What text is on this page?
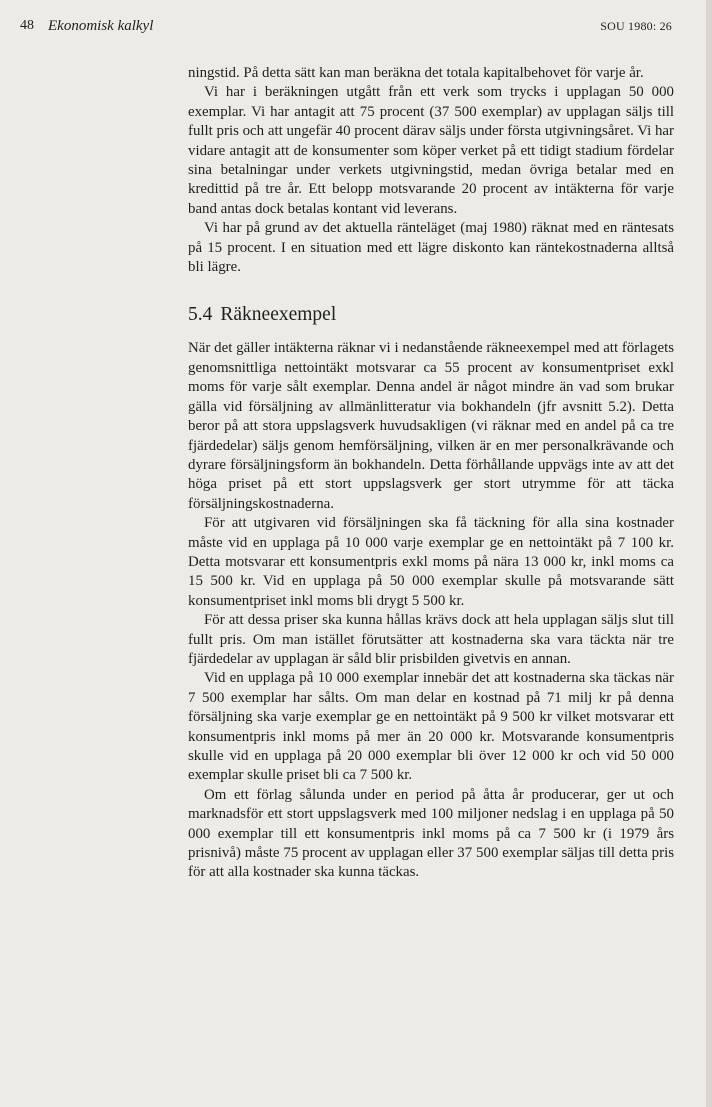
48 Ekonomisk kalkyl	SOU 1980: 26

ningstid. På detta sätt kan man beräkna det totala kapitalbehovet för varje år.

Vi har i beräkningen utgått från ett verk som trycks i upplagan 50 000 exemplar. Vi har antagit att 75 procent (37 500 exemplar) av upplagan säljs till fullt pris och att ungefär 40 procent därav säljs under första utgivningsåret. Vi har vidare antagit att de konsumenter som köper verket på ett tidigt stadium fördelar sina betalningar under verkets utgivningstid, medan övriga betalar med en kredittid på tre år. Ett belopp motsvarande 20 procent av intäkterna för varje band antas dock betalas kontant vid leverans.

Vi har på grund av det aktuella ränteläget (maj 1980) räknat med en räntesats på 15 procent. I en situation med ett lägre diskonto kan räntekostnaderna alltså bli lägre.

5.4 Räkneexempel

När det gäller intäkterna räknar vi i nedanstående räkneexempel med att förlagets genomsnittliga nettointäkt motsvarar ca 55 procent av konsumentpriset exkl moms för varje sålt exemplar. Denna andel är något mindre än vad som brukar gälla vid försäljning av allmänlitteratur via bokhandeln (jfr avsnitt 5.2). Detta beror på att stora uppslagsverk huvudsakligen (vi räknar med en andel på ca tre fjärdedelar) säljs genom hemförsäljning, vilken är en mer personalkrävande och dyrare försäljningsform än bokhandeln. Detta förhållande uppvägs inte av att det höga priset på ett stort uppslagsverk ger stort utrymme för att täcka försäljningskostnaderna.

För att utgivaren vid försäljningen ska få täckning för alla sina kostnader måste vid en upplaga på 10 000 varje exemplar ge en nettointäkt på 7 100 kr. Detta motsvarar ett konsumentpris exkl moms på nära 13 000 kr, inkl moms ca 15 500 kr. Vid en upplaga på 50 000 exemplar skulle på motsvarande sätt konsumentpriset inkl moms bli drygt 5 500 kr.

För att dessa priser ska kunna hållas krävs dock att hela upplagan säljs slut till fullt pris. Om man istället förutsätter att kostnaderna ska vara täckta när tre fjärdedelar av upplagan är såld blir prisbilden givetvis en annan.

Vid en upplaga på 10 000 exemplar innebär det att kostnaderna ska täckas när 7 500 exemplar har sålts. Om man delar en kostnad på 71 milj kr på denna försäljning ska varje exemplar ge en nettointäkt på 9 500 kr vilket motsvarar ett konsumentpris inkl moms på mer än 20 000 kr. Motsvarande konsumentpris skulle vid en upplaga på 20 000 exemplar bli över 12 000 kr och vid 50 000 exemplar skulle priset bli ca 7 500 kr.

Om ett förlag sålunda under en period på åtta år producerar, ger ut och marknadsför ett stort uppslagsverk med 100 miljoner nedslag i en upplaga på 50 000 exemplar till ett konsumentpris inkl moms på ca 7 500 kr (i 1979 års prisnivå) måste 75 procent av upplagan eller 37 500 exemplar säljas till detta pris för att alla kostnader ska kunna täckas.
